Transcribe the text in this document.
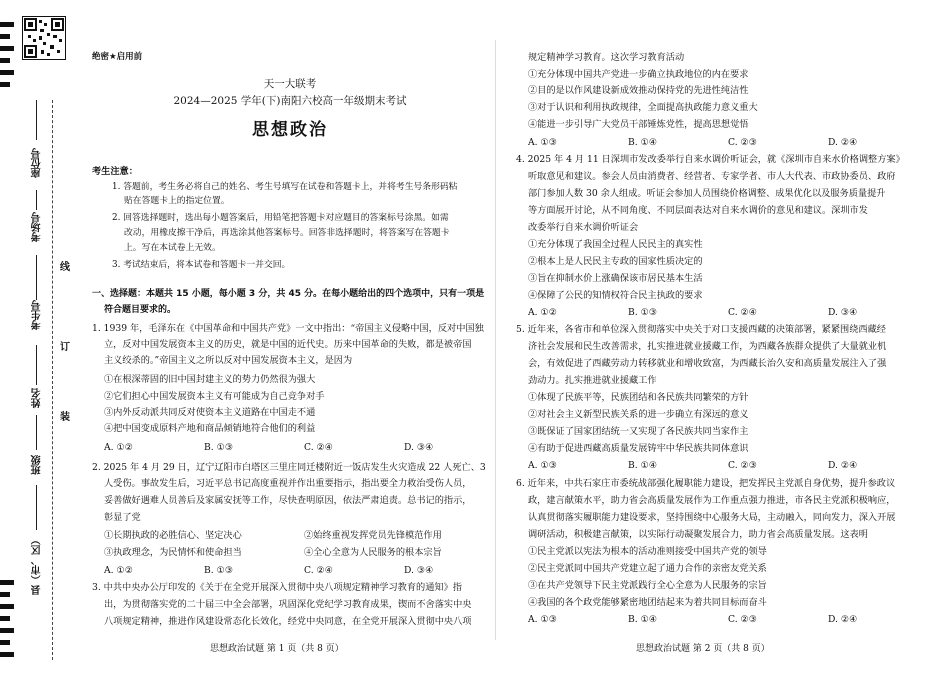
座位号
考场号
考生号
姓名
班级
县（市、区）
线
订
装
绝密★启用前
天一大联考
2024—2025 学年(下)南阳六校高一年级期末考试
思想政治
考生注意：
1. 答题前，考生务必将自己的姓名、考生号填写在试卷和答题卡上，并将考生号条形码粘
贴在答题卡上的指定位置。
2. 回答选择题时，选出每小题答案后，用铅笔把答题卡对应题目的答案标号涂黑。如需
改动，用橡皮擦干净后，再选涂其他答案标号。回答非选择题时，将答案写在答题卡
上。写在本试卷上无效。
3. 考试结束后，将本试卷和答题卡一并交回。
一、选择题：本题共 15 小题，每小题 3 分，共 45 分。在每小题给出的四个选项中，只有一项是
符合题目要求的。
1. 1939 年，毛泽东在《中国革命和中国共产党》一文中指出：“帝国主义侵略中国，反对中国独
立，反对中国发展资本主义的历史，就是中国的近代史。历来中国革命的失败，都是被帝国
主义绞杀的。”帝国主义之所以反对中国发展资本主义，是因为
①在根深蒂固的旧中国封建主义的势力仍然很为强大
②它们担心中国发展资本主义有可能成为自己竞争对手
③内外反动派共同反对使资本主义道路在中国走不通
④把中国变成原料产地和商品倾销地符合他们的利益
A. ①②	B. ①③	C. ②④	D. ③④
2. 2025 年 4 月 29 日，辽宁辽阳市白塔区三里庄同迁楼附近一饭店发生火灾造成 22 人死亡、3
人受伤。事故发生后，习近平总书记高度重视并作出重要指示，指出要全力救治受伤人员，
妥善做好遇难人员善后及家属安抚等工作，尽快查明原因，依法严肃追责。总书记的指示，
彰显了党
①长期执政的必胜信心、坚定决心	②始终重视发挥党员先锋模范作用
③执政理念，为民情怀和使命担当	④全心全意为人民服务的根本宗旨
A. ①②	B. ①③	C. ②④	D. ③④
3. 中共中央办公厅印发的《关于在全党开展深入贯彻中央八项规定精神学习教育的通知》指
出，为贯彻落实党的二十届三中全会部署，巩固深化党纪学习教育成果，锲而不舍落实中央
八项规定精神，推进作风建设常态化长效化，经党中央同意，在全党开展深入贯彻中央八项
思想政治试题 第 1 页（共 8 页）
规定精神学习教育。这次学习教育活动
①充分体现中国共产党进一步确立执政地位的内在要求
②目的是以作风建设新成效推动保持党的先进性纯洁性
③对于认识和利用执政规律，全面提高执政能力意义重大
④能进一步引导广大党员干部锤炼党性，提高思想觉悟
A. ①③	B. ①④	C. ②③	D. ②④
4. 2025 年 4 月 11 日深圳市发改委举行自来水调价听证会，就《深圳市自来水价格调整方案》
听取意见和建议。参会人员由消费者、经营者、专家学者、市人大代表、市政协委员、政府
部门参加人数 30 余人组成。听证会参加人员围绕价格调整、成果优化以及服务质量提升
等方面展开讨论，从不同角度、不同层面表达对自来水调价的意见和建议。深圳市发
改委举行自来水调价听证会
①充分体现了我国全过程人民民主的真实性
②根本上是人民民主专政的国家性质决定的
③旨在抑制水价上涨确保该市居民基本生活
④保障了公民的知情权符合民主执政的要求
A. ①②	B. ①③	C. ②④	D. ③④
5. 近年来，各省市和单位深入贯彻落实中央关于对口支援西藏的决策部署，紧紧围绕西藏经
济社会发展和民生改善需求，扎实推进就业援藏工作，为西藏各族群众提供了大量就业机
会，有效促进了西藏劳动力转移就业和增收致富，为西藏长治久安和高质量发展注入了强
劲动力。扎实推进就业援藏工作
①体现了民族平等，民族团结和各民族共同繁荣的方针
②对社会主义新型民族关系的进一步确立有深远的意义
③既保证了国家团结统一又实现了各民族共同当家作主
④有助于促进西藏高质量发展铸牢中华民族共同体意识
A. ①③	B. ①④	C. ②③	D. ②④
6. 近年来，中共石家庄市委统战部强化履职能力建设，把发挥民主党派自身优势，提升参政议
政，建言献策水平，助力省会高质量发展作为工作重点强力推进，市各民主党派积极响应，
认真贯彻落实履职能力建设要求，坚持围绕中心服务大局，主动融入，同向发力，深入开展
调研活动，积极建言献策，以实际行动凝聚发展合力，助力省会高质量发展。这表明
①民主党派以宪法为根本的活动准则接受中国共产党的领导
②民主党派同中国共产党建立起了通力合作的亲密友党关系
③在共产党领导下民主党派践行全心全意为人民服务的宗旨
④我国的各个政党能够紧密地团结起来为着共同目标而奋斗
A. ①③	B. ①④	C. ②③	D. ②④
思想政治试题 第 2 页（共 8 页）
